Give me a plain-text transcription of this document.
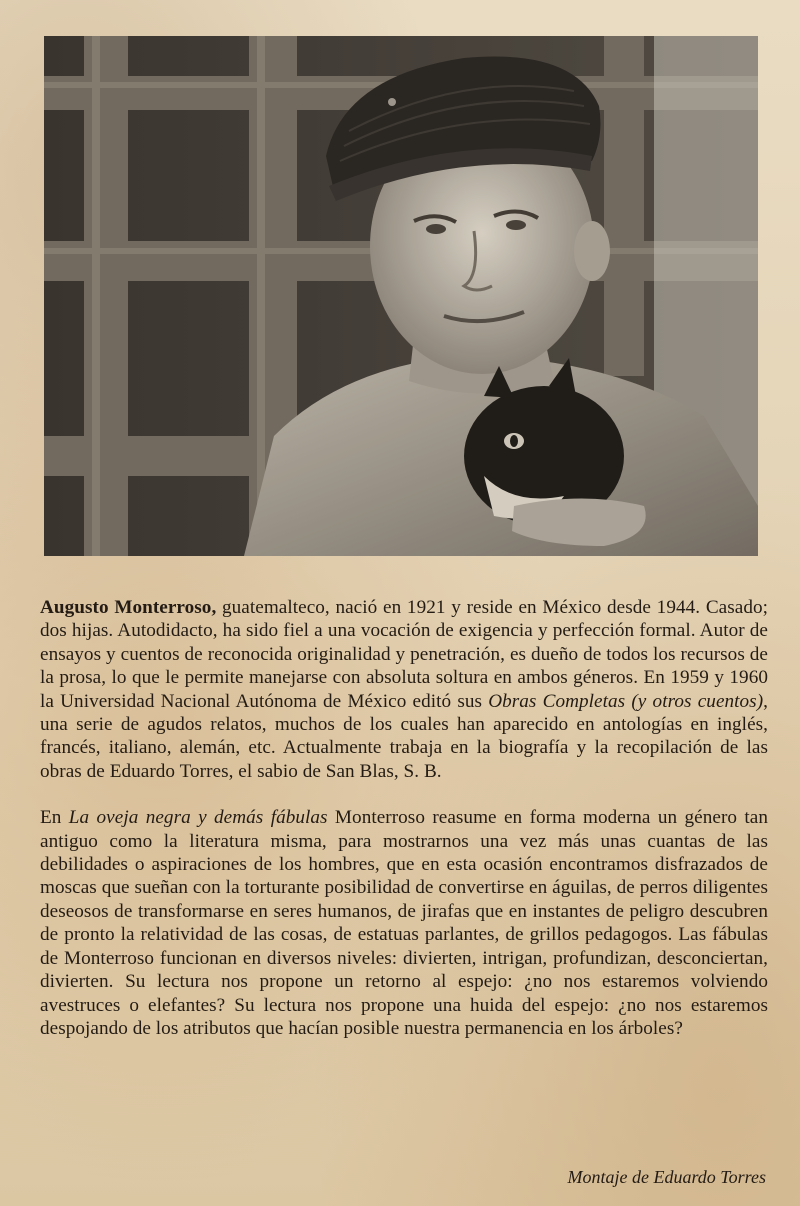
Augusto Monterroso, guatemalteco, nació en 1921 y reside en México desde 1944. Casado; dos hijas. Autodidacto, ha sido fiel a una vocación de exigencia y perfección formal. Autor de ensayos y cuentos de reconocida originalidad y penetración, es dueño de todos los recursos de la prosa, lo que le permite manejarse con absoluta soltura en ambos géneros. En 1959 y 1960 la Universidad Nacional Autónoma de México editó sus Obras Completas (y otros cuentos), una serie de agudos relatos, muchos de los cuales han aparecido en antologías en inglés, francés, italiano, alemán, etc. Actualmente trabaja en la biografía y la recopilación de las obras de Eduardo Torres, el sabio de San Blas, S. B.

En La oveja negra y demás fábulas Monterroso reasume en forma moderna un género tan antiguo como la literatura misma, para mostrarnos una vez más unas cuantas de las debilidades o aspiraciones de los hombres, que en esta ocasión encontramos disfrazados de moscas que sueñan con la torturante posibilidad de convertirse en águilas, de perros diligentes deseosos de transformarse en seres humanos, de jirafas que en instantes de peligro descubren de pronto la relatividad de las cosas, de estatuas parlantes, de grillos pedagogos. Las fábulas de Monterroso funcionan en diversos niveles: divierten, intrigan, profundizan, desconciertan, divierten. Su lectura nos propone un retorno al espejo: ¿no nos estaremos volviendo avestruces o elefantes? Su lectura nos propone una huida del espejo: ¿no nos estaremos despojando de los atributos que hacían posible nuestra permanencia en los árboles?

Montaje de Eduardo Torres
